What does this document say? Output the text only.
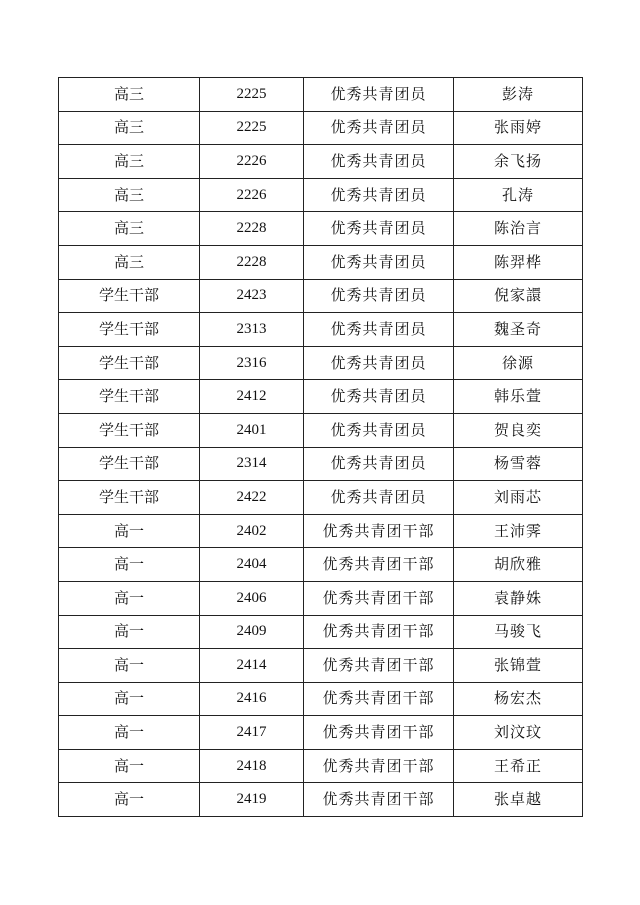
高三	2225	优秀共青团员	彭涛
高三	2225	优秀共青团员	张雨婷
高三	2226	优秀共青团员	余飞扬
高三	2226	优秀共青团员	孔涛
高三	2228	优秀共青团员	陈治言
高三	2228	优秀共青团员	陈羿桦
学生干部	2423	优秀共青团员	倪家譞
学生干部	2313	优秀共青团员	魏圣奇
学生干部	2316	优秀共青团员	徐源
学生干部	2412	优秀共青团员	韩乐萱
学生干部	2401	优秀共青团员	贺良奕
学生干部	2314	优秀共青团员	杨雪蓉
学生干部	2422	优秀共青团员	刘雨芯
高一	2402	优秀共青团干部	王沛霁
高一	2404	优秀共青团干部	胡欣雅
高一	2406	优秀共青团干部	袁静姝
高一	2409	优秀共青团干部	马骏飞
高一	2414	优秀共青团干部	张锦萱
高一	2416	优秀共青团干部	杨宏杰
高一	2417	优秀共青团干部	刘汶玟
高一	2418	优秀共青团干部	王希正
高一	2419	优秀共青团干部	张卓越
